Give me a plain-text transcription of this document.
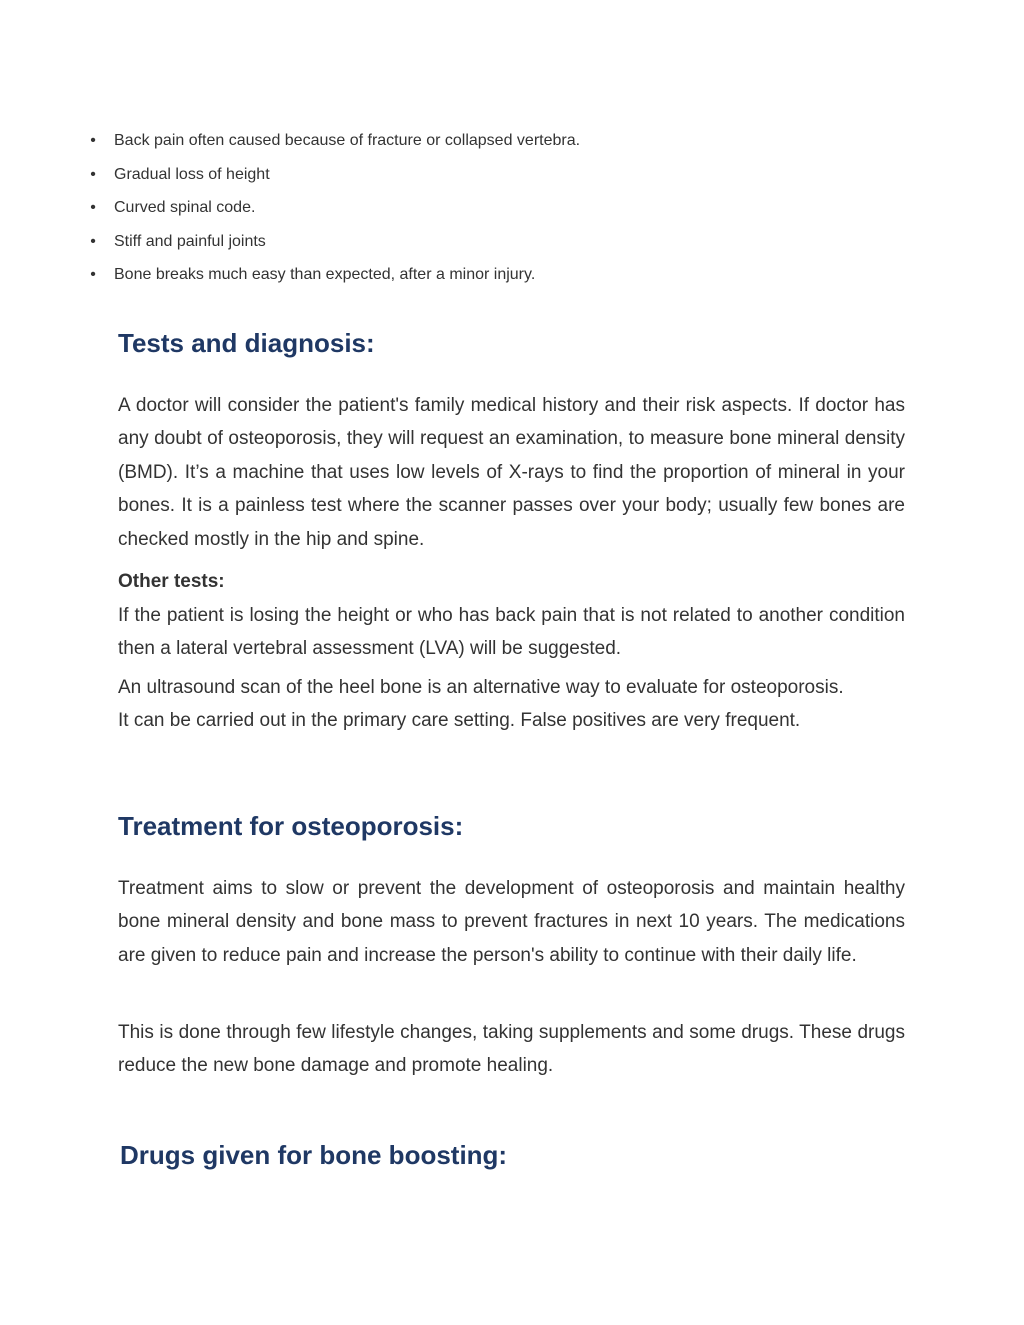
• Back pain often caused because of fracture or collapsed vertebra.
• Gradual loss of height
• Curved spinal code.
• Stiff and painful joints
• Bone breaks much easy than expected, after a minor injury.
Tests and diagnosis:

A doctor will consider the patient's family medical history and their risk aspects. If doctor has any doubt of osteoporosis, they will request an examination, to measure bone mineral density (BMD). It’s a machine that uses low levels of X-rays to find the proportion of mineral in your bones. It is a painless test where the scanner passes over your body; usually few bones are checked mostly in the hip and spine.

Other tests:

If the patient is losing the height or who has back pain that is not related to another condition then a lateral vertebral assessment (LVA) will be suggested.

An ultrasound scan of the heel bone is an alternative way to evaluate for osteoporosis.

It can be carried out in the primary care setting. False positives are very frequent.

Treatment for osteoporosis:

Treatment aims to slow or prevent the development of osteoporosis and maintain healthy bone mineral density and bone mass to prevent fractures in next 10 years. The medications are given to reduce pain and increase the person's ability to continue with their daily life.

This is done through few lifestyle changes, taking supplements and some drugs. These drugs reduce the new bone damage and promote healing.

Drugs given for bone boosting:
